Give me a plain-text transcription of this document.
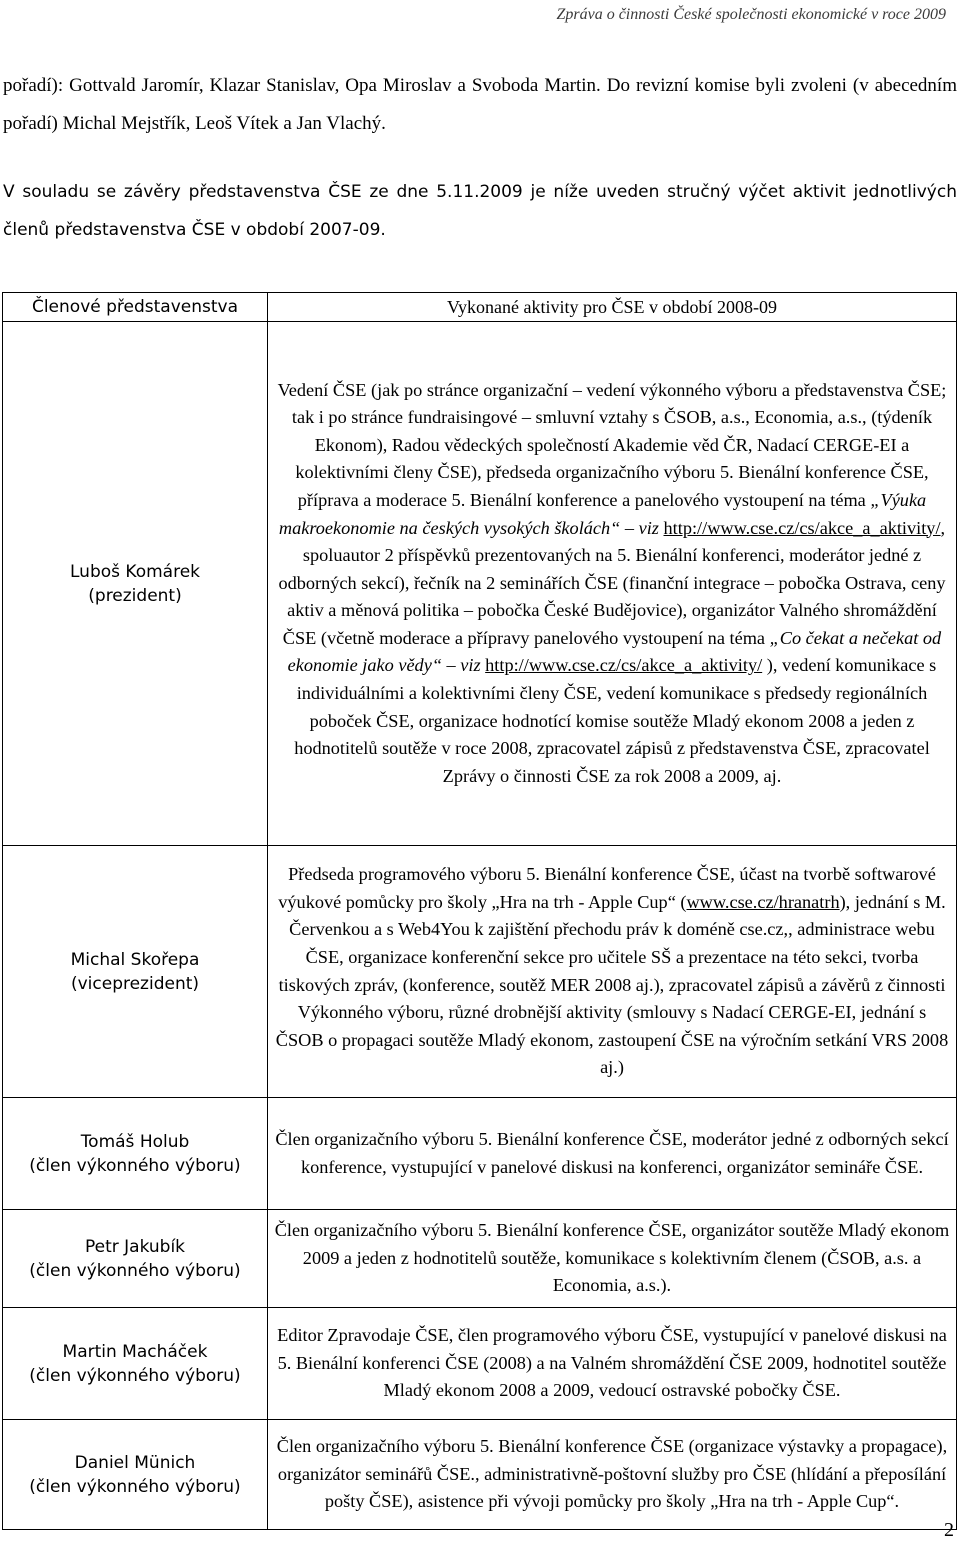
Zpráva o činnosti České společnosti ekonomické v roce 2009

pořadí): Gottvald Jaromír, Klazar Stanislav, Opa Miroslav a Svoboda Martin. Do revizní komise byli zvoleni (v abecedním pořadí) Michal Mejstřík, Leoš Vítek a Jan Vlachý.

V souladu se závěry představenstva ČSE ze dne 5.11.2009 je níže uveden stručný výčet aktivit jednotlivých členů představenstva ČSE v období 2007-09.

Členové představenstva	Vykonané aktivity pro ČSE v období 2008-09

Luboš Komárek
(prezident)	Vedení ČSE (jak po stránce organizační – vedení výkonného výboru a představenstva ČSE; tak i po stránce fundraisingové – smluvní vztahy s ČSOB, a.s., Economia, a.s., (týdeník Ekonom), Radou vědeckých společností Akademie věd ČR, Nadací CERGE-EI a kolektivními členy ČSE), předseda organizačního výboru 5. Bienální konference ČSE, příprava a moderace 5. Bienální konference a panelového vystoupení na téma „Výuka makroekonomie na českých vysokých školách“ – viz http://www.cse.cz/cs/akce_a_aktivity/, spoluautor 2 příspěvků prezentovaných na 5. Bienální konferenci, moderátor jedné z odborných sekcí), řečník na 2 seminářích ČSE (finanční integrace – pobočka Ostrava, ceny aktiv a měnová politika – pobočka České Budějovice), organizátor Valného shromáždění ČSE (včetně moderace a přípravy panelového vystoupení na téma „Co čekat a nečekat od ekonomie jako vědy“ – viz http://www.cse.cz/cs/akce_a_aktivity/ ), vedení komunikace s individuálními a kolektivními členy ČSE, vedení komunikace s předsedy regionálních poboček ČSE, organizace hodnotící komise soutěže Mladý ekonom 2008 a jeden z hodnotitelů soutěže v roce 2008, zpracovatel zápisů z představenstva ČSE, zpracovatel Zprávy o činnosti ČSE za rok 2008 a 2009, aj.

Michal Skořepa
(viceprezident)	Předseda programového výboru 5. Bienální konference ČSE, účast na tvorbě softwarové výukové pomůcky pro školy „Hra na trh - Apple Cup“ (www.cse.cz/hranatrh), jednání s M. Červenkou a s Web4You k zajištění přechodu práv k doméně cse.cz,, administrace webu ČSE, organizace konferenční sekce pro učitele SŠ a prezentace na této sekci, tvorba tiskových zpráv, (konference, soutěž MER 2008 aj.), zpracovatel zápisů a závěrů z činnosti Výkonného výboru, různé drobnější aktivity (smlouvy s Nadací CERGE-EI, jednání s ČSOB o propagaci soutěže Mladý ekonom, zastoupení ČSE na výročním setkání VRS 2008 aj.)

Tomáš Holub
(člen výkonného výboru)	Člen organizačního výboru 5. Bienální konference ČSE, moderátor jedné z odborných sekcí konference, vystupující v panelové diskusi na konferenci, organizátor semináře ČSE.

Petr Jakubík
(člen výkonného výboru)	Člen organizačního výboru 5. Bienální konference ČSE, organizátor soutěže Mladý ekonom 2009 a jeden z hodnotitelů soutěže, komunikace s kolektivním členem (ČSOB, a.s. a Economia, a.s.).

Martin Macháček
(člen výkonného výboru)	Editor Zpravodaje ČSE, člen programového výboru ČSE, vystupující v panelové diskusi na 5. Bienální konferenci ČSE (2008) a na Valném shromáždění ČSE 2009, hodnotitel soutěže Mladý ekonom 2008 a 2009, vedoucí ostravské pobočky ČSE.

Daniel Münich
(člen výkonného výboru)	Člen organizačního výboru 5. Bienální konference ČSE (organizace výstavky a propagace), organizátor seminářů ČSE., administrativně-poštovní služby pro ČSE (hlídání a přeposílání pošty ČSE), asistence při vývoji pomůcky pro školy „Hra na trh - Apple Cup“.
2
